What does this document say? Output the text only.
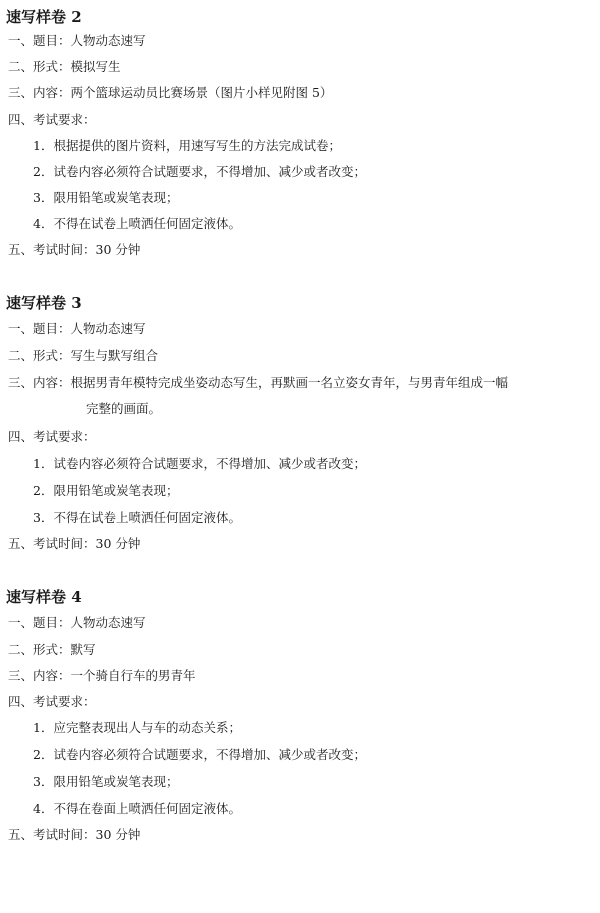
速写样卷 2
一、题目：人物动态速写
二、形式：模拟写生
三、内容：两个篮球运动员比赛场景（图片小样见附图 5）
四、考试要求：
1．根据提供的图片资料，用速写写生的方法完成试卷；
2．试卷内容必须符合试题要求，不得增加、减少或者改变；
3．限用铅笔或炭笔表现；
4．不得在试卷上喷洒任何固定液体。
五、考试时间：30 分钟
速写样卷 3
一、题目：人物动态速写
二、形式：写生与默写组合
三、内容：根据男青年模特完成坐姿动态写生，再默画一名立姿女青年，与男青年组成一幅
完整的画面。
四、考试要求：
1．试卷内容必须符合试题要求，不得增加、减少或者改变；
2．限用铅笔或炭笔表现；
3．不得在试卷上喷洒任何固定液体。
五、考试时间：30 分钟
速写样卷 4
一、题目：人物动态速写
二、形式：默写
三、内容：一个骑自行车的男青年
四、考试要求：
1．应完整表现出人与车的动态关系；
2．试卷内容必须符合试题要求，不得增加、减少或者改变；
3．限用铅笔或炭笔表现；
4．不得在卷面上喷洒任何固定液体。
五、考试时间：30 分钟
